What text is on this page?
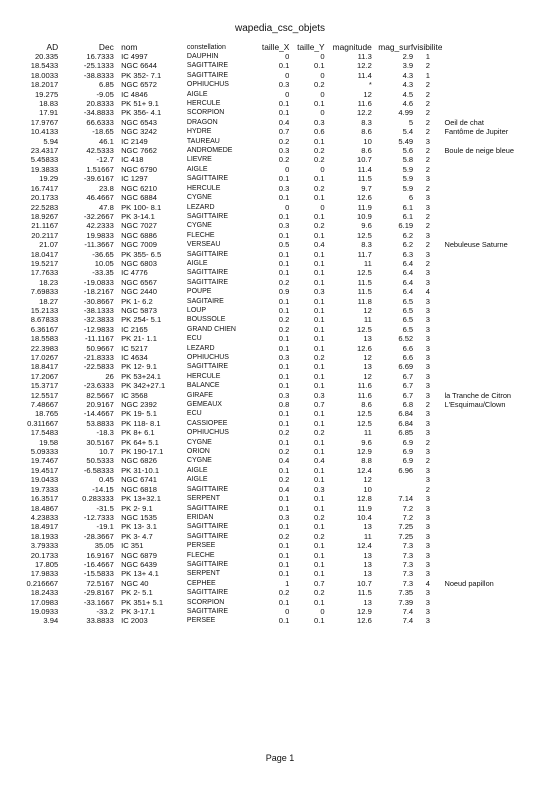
wapedia_csc_objets
AD	Dec		nom	constellation	taille_X	taille_Y	magnitude	mag_surf	visibilite	
20.335	16.7333		IC 4997	DAUPHIN	0	0	11.3	2.9	1	
18.5433	-25.1333		NGC 6644	SAGITTAIRE	0.1	0.1	12.2	3.9	2	
18.0033	-38.8333		PK 352- 7.1	SAGITTAIRE	0	0	11.4	4.3	1	
18.2017	6.85		NGC 6572	OPHIUCHUS	0.3	0.2	*	4.3	2	
19.275	-9.05		IC 4846	AIGLE	0	0	12	4.5	2	
18.83	20.8333		PK 51+ 9.1	HERCULE	0.1	0.1	11.6	4.6	2	
17.91	-34.8833		PK 356- 4.1	SCORPION	0.1	0	12.2	4.99	2	
17.9767	66.6333		NGC 6543	DRAGON	0.4	0.3	8.3	5	2	Oeil de chat
10.4133	-18.65		NGC 3242	HYDRE	0.7	0.6	8.6	5.4	2	Fantôme de Jupiter
5.94	46.1		IC 2149	TAUREAU	0.2	0.1	10	5.49	3	
23.4317	42.5333		NGC 7662	ANDROMEDE	0.3	0.2	8.6	5.6	2	Boule de neige bleue
5.45833	-12.7		IC 418	LIEVRE	0.2	0.2	10.7	5.8	2	
19.3833	1.51667		NGC 6790	AIGLE	0	0	11.4	5.9	2	
19.29	-39.6167		IC 1297	SAGITTAIRE	0.1	0.1	11.5	5.9	3	
16.7417	23.8		NGC 6210	HERCULE	0.3	0.2	9.7	5.9	2	
20.1733	46.4667		NGC 6884	CYGNE	0.1	0.1	12.6	6	3	
22.5283	47.8		PK 100- 8.1	LEZARD	0	0	11.9	6.1	3	
18.9267	-32.2667		PK 3-14.1	SAGITTAIRE	0.1	0.1	10.9	6.1	2	
21.1167	42.2333		NGC 7027	CYGNE	0.3	0.2	9.6	6.19	2	
20.2117	19.9833		NGC 6886	FLECHE	0.1	0.1	12.5	6.2	3	
21.07	-11.3667		NGC 7009	VERSEAU	0.5	0.4	8.3	6.2	2	Nebuleuse Saturne
18.0417	-36.65		PK 355- 6.5	SAGITTAIRE	0.1	0.1	11.7	6.3	3	
19.5217	10.05		NGC 6803	AIGLE	0.1	0.1	11	6.4	2	
17.7633	-33.35		IC 4776	SAGITTAIRE	0.1	0.1	12.5	6.4	3	
18.23	-19.0833		NGC 6567	SAGITTAIRE	0.2	0.1	11.5	6.4	3	
7.69833	-18.2167		NGC 2440	POUPE	0.9	0.3	11.5	6.4	4	
18.27	-30.8667		PK 1- 6.2	SAGITAIRE	0.1	0.1	11.8	6.5	3	
15.2133	-38.1333		NGC 5873	LOUP	0.1	0.1	12	6.5	3	
8.67833	-32.3833		PK 254- 5.1	BOUSSOLE	0.2	0.1	11	6.5	3	
6.36167	-12.9833		IC 2165	GRAND CHIEN	0.2	0.1	12.5	6.5	3	
18.5583	-11.1167		PK 21- 1.1	ECU	0.1	0.1	13	6.52	3	
22.3983	50.9667		IC 5217	LEZARD	0.1	0.1	12.6	6.6	3	
17.0267	-21.8333		IC 4634	OPHIUCHUS	0.3	0.2	12	6.6	3	
18.8417	-22.5833		PK 12- 9.1	SAGITTAIRE	0.1	0.1	13	6.69	3	
17.2067	26		PK 53+24.1	HERCULE	0.1	0.1	12	6.7	3	
15.3717	-23.6333		PK 342+27.1	BALANCE	0.1	0.1	11.6	6.7	3	
12.5517	82.5667		IC 3568	GIRAFE	0.3	0.3	11.6	6.7	3	la Tranche de Citron
7.48667	20.9167		NGC 2392	GEMEAUX	0.8	0.7	8.6	6.8	2	L'Esquimau/Clown
18.765	-14.4667		PK 19- 5.1	ECU	0.1	0.1	12.5	6.84	3	
0.311667	53.8833		PK 118- 8.1	CASSIOPEE	0.1	0.1	12.5	6.84	3	
17.5483	-18.3		PK 8+ 6.1	OPHIUCHUS	0.2	0.2	11	6.85	3	
19.58	30.5167		PK 64+ 5.1	CYGNE	0.1	0.1	9.6	6.9	2	
5.09333	10.7		PK 190-17.1	ORION	0.2	0.1	12.9	6.9	3	
19.7467	50.5333		NGC 6826	CYGNE	0.4	0.4	8.8	6.9	2	
19.4517	-6.58333		PK 31-10.1	AIGLE	0.1	0.1	12.4	6.96	3	
19.0433	0.45		NGC 6741	AIGLE	0.2	0.1	12		3	
19.7333	-14.15		NGC 6818	SAGITTAIRE	0.4	0.3	10		2	
16.3517	0.283333		PK 13+32.1	SERPENT	0.1	0.1	12.8	7.14	3	
18.4867	-31.5		PK 2- 9.1	SAGITTAIRE	0.1	0.1	11.9	7.2	3	
4.23833	-12.7333		NGC 1535	ERIDAN	0.3	0.2	10.4	7.2	3	
18.4917	-19.1		PK 13- 3.1	SAGITTAIRE	0.1	0.1	13	7.25	3	
18.1933	-28.3667		PK 3- 4.7	SAGITTAIRE	0.2	0.2	11	7.25	3	
3.79333	35.05		IC 351	PERSEE	0.1	0.1	12.4	7.3	3	
20.1733	16.9167		NGC 6879	FLECHE	0.1	0.1	13	7.3	3	
17.805	-16.4667		NGC 6439	SAGITTAIRE	0.1	0.1	13	7.3	3	
17.9833	-15.5833		PK 13+ 4.1	SERPENT	0.1	0.1	13	7.3	3	
0.216667	72.5167		NGC 40	CEPHEE	1	0.7	10.7	7.3	4	Noeud papillon
18.2433	-29.8167		PK 2- 5.1	SAGITTAIRE	0.2	0.2	11.5	7.35	3	
17.0983	-33.1667		PK 351+ 5.1	SCORPION	0.1	0.1	13	7.39	3	
19.0933	-33.2		PK 3-17.1	SAGITTAIRE	0	0	12.9	7.4	3	
3.94	33.8833		IC 2003	PERSEE	0.1	0.1	12.6	7.4	3	
Page 1
